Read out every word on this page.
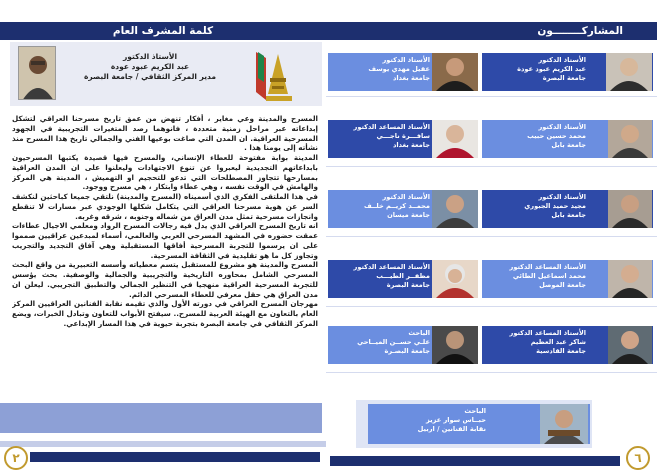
كلمة المشرف العام
الأستاذ الدكتور
عبد الكريم عبود عودة
مدير المركز الثقافي / جامعة البصرة

المسرح والمدينة وعي مغاير ، أفكار تنهض من عمق تاريخ مسرحنا العراقي لتشكل إبداعاته عبر مراحل زمنية متعددة ، فانوهما رصد المتغيرات التجريبية في الجهود المسرحية العراقية. ان المدن التي صاغت بوعيها الفني والجمالي تاريخ هذا المسرح منذ نشأته إلى يومنا هذا .

المدينة بوابة مفتوحة للعطاء الإنساني، والمسرح فيها قصيدة يكتبها المسرحيون بابداعاتهم التجديدية ليعبروا عن تنوع الاجتهادات وليعلنوا على ان المدن العراقية بمسارحها تتجاوز المصطلحات التي تدعو للتحجيم او التهميش ، المدينة هي المركز والهامش في الوقت نفسه ، وهي عطاء وابتكار ، هي مسرح ووجود.

في هذا الملتقى الفكري الذي أسميناه (المسرح والمدينة) نلتقي جميعا كباحثين لنكشف السر عن هوية مسرحنا العراقي التي يتكامل شكلها الوجودي عبر مسارات لا تنقطع وانجازات مسرحية تمثل مدن العراق من شماله وجنوبه ، شرقه وغربه.

انه تاريخ المسرح العراقي الذي يدل فيه رجالات المسرح الرواد ومعلمي الاجيال عطاءات عمقت حضوره في المشهد المسرحي العربي والعالمي، أسماء لمبدعين عراقيين صمموا على ان يرسموا للتجربة المسرحية أفاقها المستقبلية وهي آفاق التجديد والتجريب وتجاوز كل ما هو تقليدية في الثقافة المسرحية.

المسرح والمدينة هو مشروع للمستقبل يتسم معطياته وأسسه التعبيرية من واقع البحث المسرحي الشامل بمحاوره التاريخية والتجريبية والجمالية والوصفية. بحث يؤسس للتجربة المسرحية العراقية منهجيا في التنظير الجمالي والتطبيق التجريبي. ليعلن ان مدن العراق هي حقل معرفي للعطاء المسرحي الدائم.

مهرجان المسرح العراقي في دورته الأول والذي تقيمه نقابة الفنانين العراقيين المركز العام بالتعاون مع الهيئة العربية للمسرح.. سيفتح الأبواب للتعاون وتبادل الخبرات، ويضع المركز الثقافي في جامعة البصرة بتجربة حيوية في هذا المسار الإبداعي.

٢
المشاركــــــــون
الأستاذ الدكتور
عبد الكريم عبود عودة
جامعة البصرة
الأستاذ الدكتور
عقيل مهدي يوسف
جامعة بغداد
الأستاذ الدكتور
محمد حسين حبيب
جامعة بابل
الأستاذ المساعد الدكتور
سافـــرة ناجـــي
جامعة بغداد
الأستاذ الدكتور
مجيد حميد الجبوري
جامعة بابل
الأستاذ الدكتور
محمــد كريــم خلــف
جامعة ميسان
الأستاذ المساعد الدكتور
محمد اسماعيل الطائي
جامعة الموصل
الأستاذ المساعد الدكتور
مظفــر الطيـــب
جامعة البصرة
الأستاذ المساعد الدكتور
شاكر عبد العظيم
جامعة القادسية
الباحث
علـي حســن الميــاحي
جامعة البصـرة
الباحث
حبــاس سوار عزيز
نقابة الفنانين / اربيل
٦
